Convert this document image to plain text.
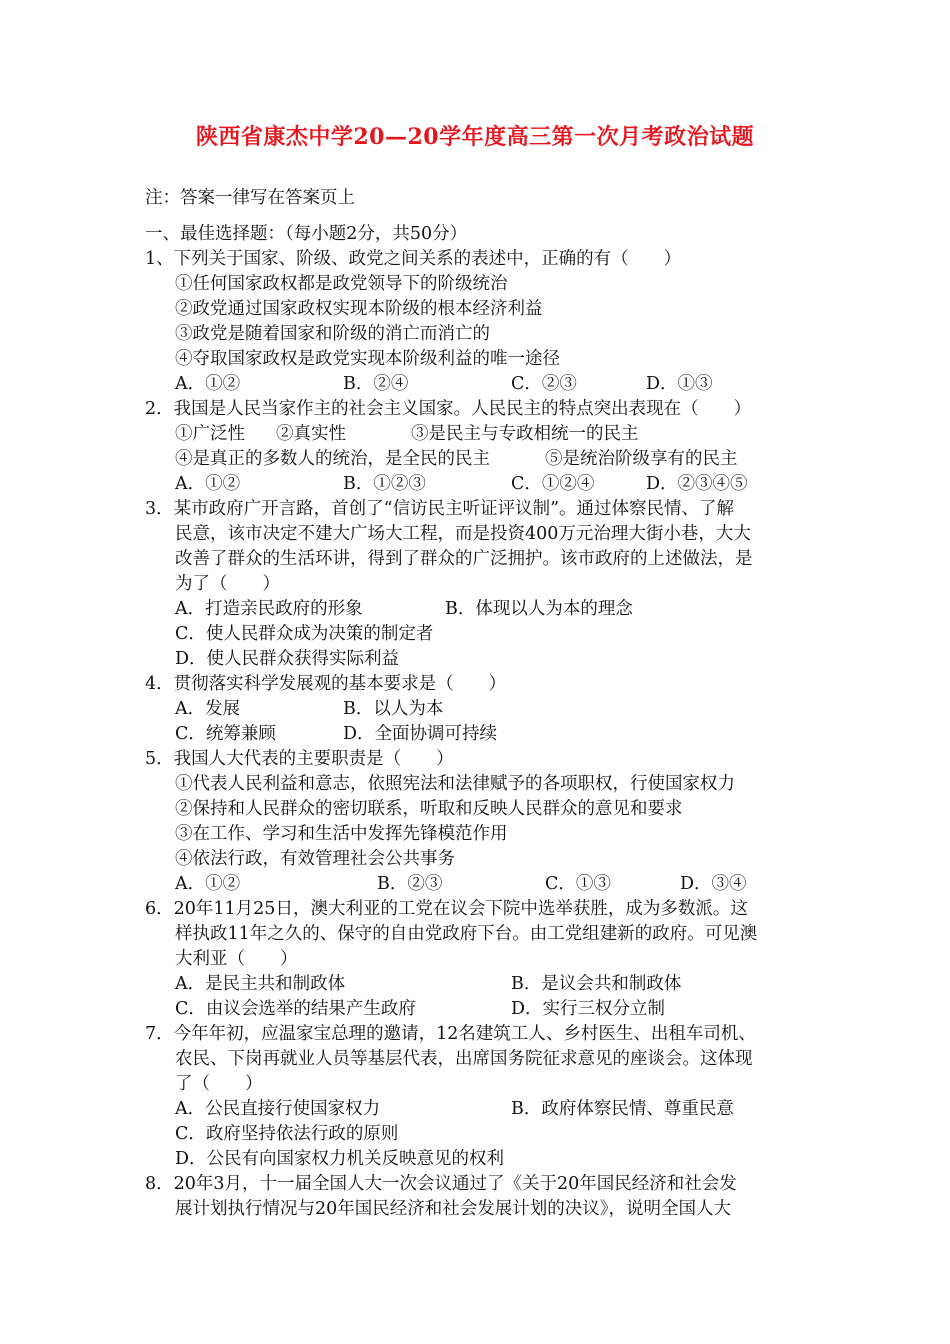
陕西省康杰中学20—20学年度高三第一次月考政治试题
注：答案一律写在答案页上
一、最佳选择题：（每小题2分，共50分）
1、下列关于国家、阶级、政党之间关系的表述中，正确的有（　　）
①任何国家政权都是政党领导下的阶级统治
②政党通过国家政权实现本阶级的根本经济利益
③政党是随着国家和阶级的消亡而消亡的
④夺取国家政权是政党实现本阶级利益的唯一途径
A．①②	B．②④	C．②③	D．①③
2．我国是人民当家作主的社会主义国家。人民民主的特点突出表现在（　　）
①广泛性 ②真实性	③是民主与专政相统一的民主
④是真正的多数人的统治，是全民的民主	⑤是统治阶级享有的民主
A．①②	B．①②③	C．①②④	D．②③④⑤
3．某市政府广开言路，首创了“信访民主听证评议制”。通过体察民情、了解
民意，该市决定不建大广场大工程，而是投资400万元治理大街小巷，大大
改善了群众的生活环讲，得到了群众的广泛拥护。该市政府的上述做法，是
为了（　　）
A．打造亲民政府的形象	B．体现以人为本的理念
C．使人民群众成为决策的制定者
D．使人民群众获得实际利益
4．贯彻落实科学发展观的基本要求是（　　）
A．发展	B．以人为本
C．统筹兼顾	D．全面协调可持续
5．我国人大代表的主要职责是（　　）
①代表人民利益和意志，依照宪法和法律赋予的各项职权，行使国家权力
②保持和人民群众的密切联系，听取和反映人民群众的意见和要求
③在工作、学习和生活中发挥先锋模范作用
④依法行政，有效管理社会公共事务
A．①②	B．②③	C．①③	D．③④
6．20年11月25日，澳大利亚的工党在议会下院中选举获胜，成为多数派。这
样执政11年之久的、保守的自由党政府下台。由工党组建新的政府。可见澳
大利亚（　　）
A．是民主共和制政体	B．是议会共和制政体
C．由议会选举的结果产生政府	D．实行三权分立制
7．今年年初，应温家宝总理的邀请，12名建筑工人、乡村医生、出租车司机、
农民、下岗再就业人员等基层代表，出席国务院征求意见的座谈会。这体现
了（　　）
A．公民直接行使国家权力	B．政府体察民情、尊重民意
C．政府坚持依法行政的原则
D．公民有向国家权力机关反映意见的权利
8．20年3月，十一届全国人大一次会议通过了《关于20年国民经济和社会发
展计划执行情况与20年国民经济和社会发展计划的决议》，说明全国人大
